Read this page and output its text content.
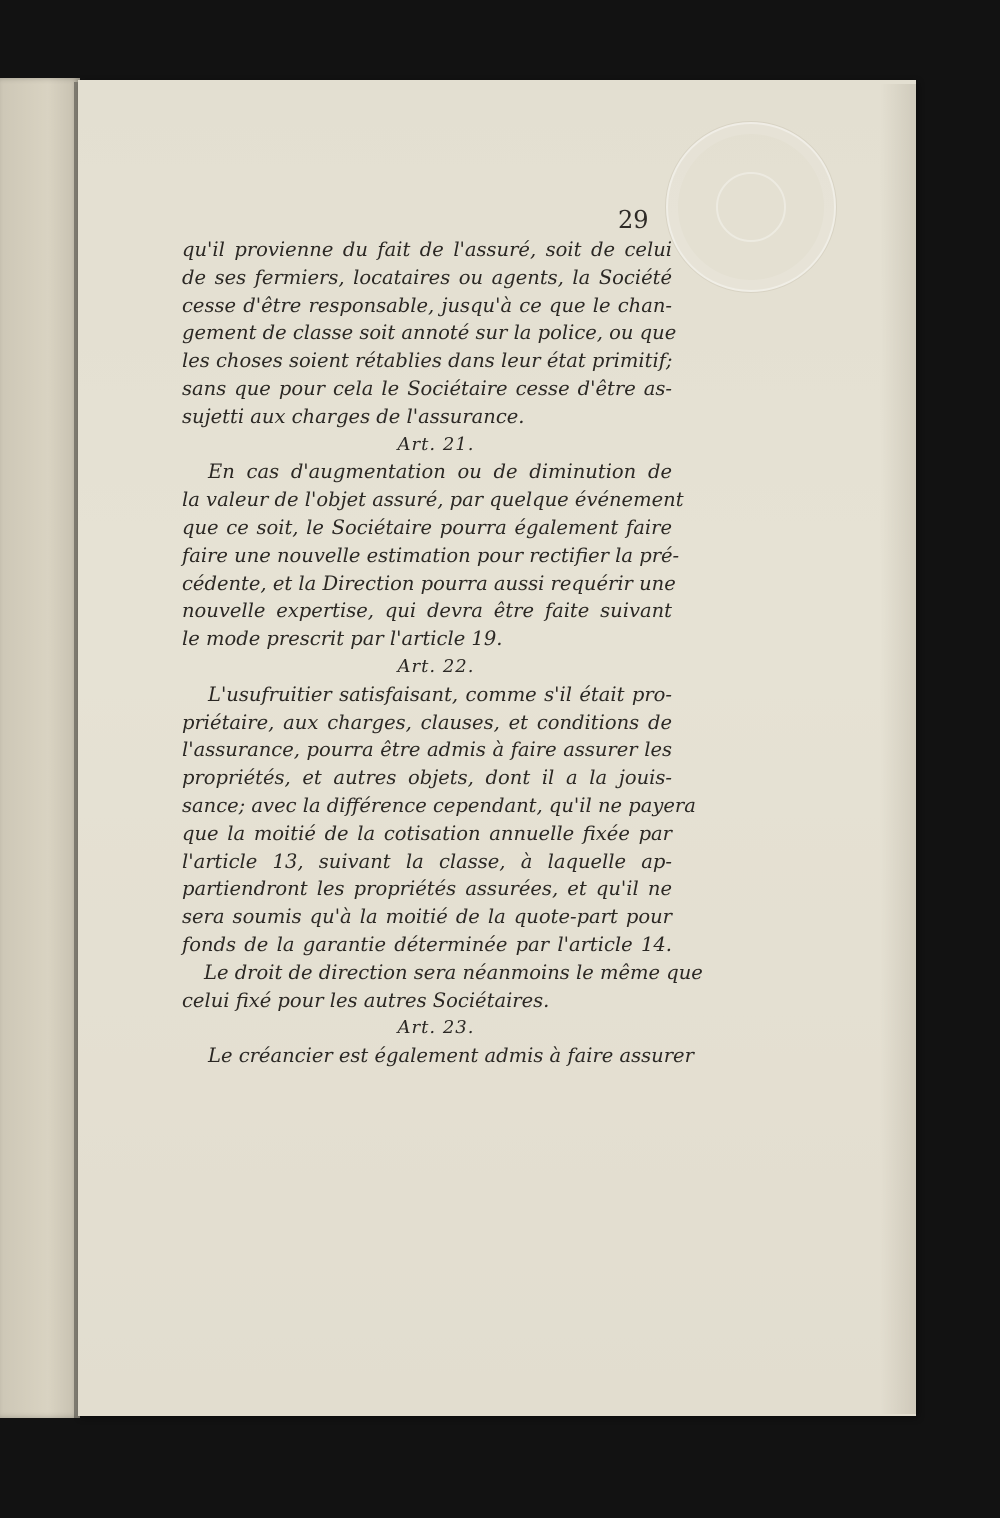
29
qu'il provienne du fait de l'assuré, soit de celui
de ses fermiers, locataires ou agents, la Société
cesse d'être responsable, jusqu'à ce que le chan-
gement de classe soit annoté sur la police, ou que
les choses soient rétablies dans leur état primitif;
sans que pour cela le Sociétaire cesse d'être as-
sujetti aux charges de l'assurance.
Art. 21.
En cas d'augmentation ou de diminution de
la valeur de l'objet assuré, par quelque événement
que ce soit, le Sociétaire pourra également faire
faire une nouvelle estimation pour rectifier la pré-
cédente, et la Direction pourra aussi requérir une
nouvelle expertise, qui devra être faite suivant
le mode prescrit par l'article 19.
Art. 22.
L'usufruitier satisfaisant, comme s'il était pro-
priétaire, aux charges, clauses, et conditions de
l'assurance, pourra être admis à faire assurer les
propriétés, et autres objets, dont il a la jouis-
sance; avec la différence cependant, qu'il ne payera
que la moitié de la cotisation annuelle fixée par
l'article 13, suivant la classe, à laquelle ap-
partiendront les propriétés assurées, et qu'il ne
sera soumis qu'à la moitié de la quote-part pour
fonds de la garantie déterminée par l'article 14.
Le droit de direction sera néanmoins le même que
celui fixé pour les autres Sociétaires.
Art. 23.
Le créancier est également admis à faire assurer
